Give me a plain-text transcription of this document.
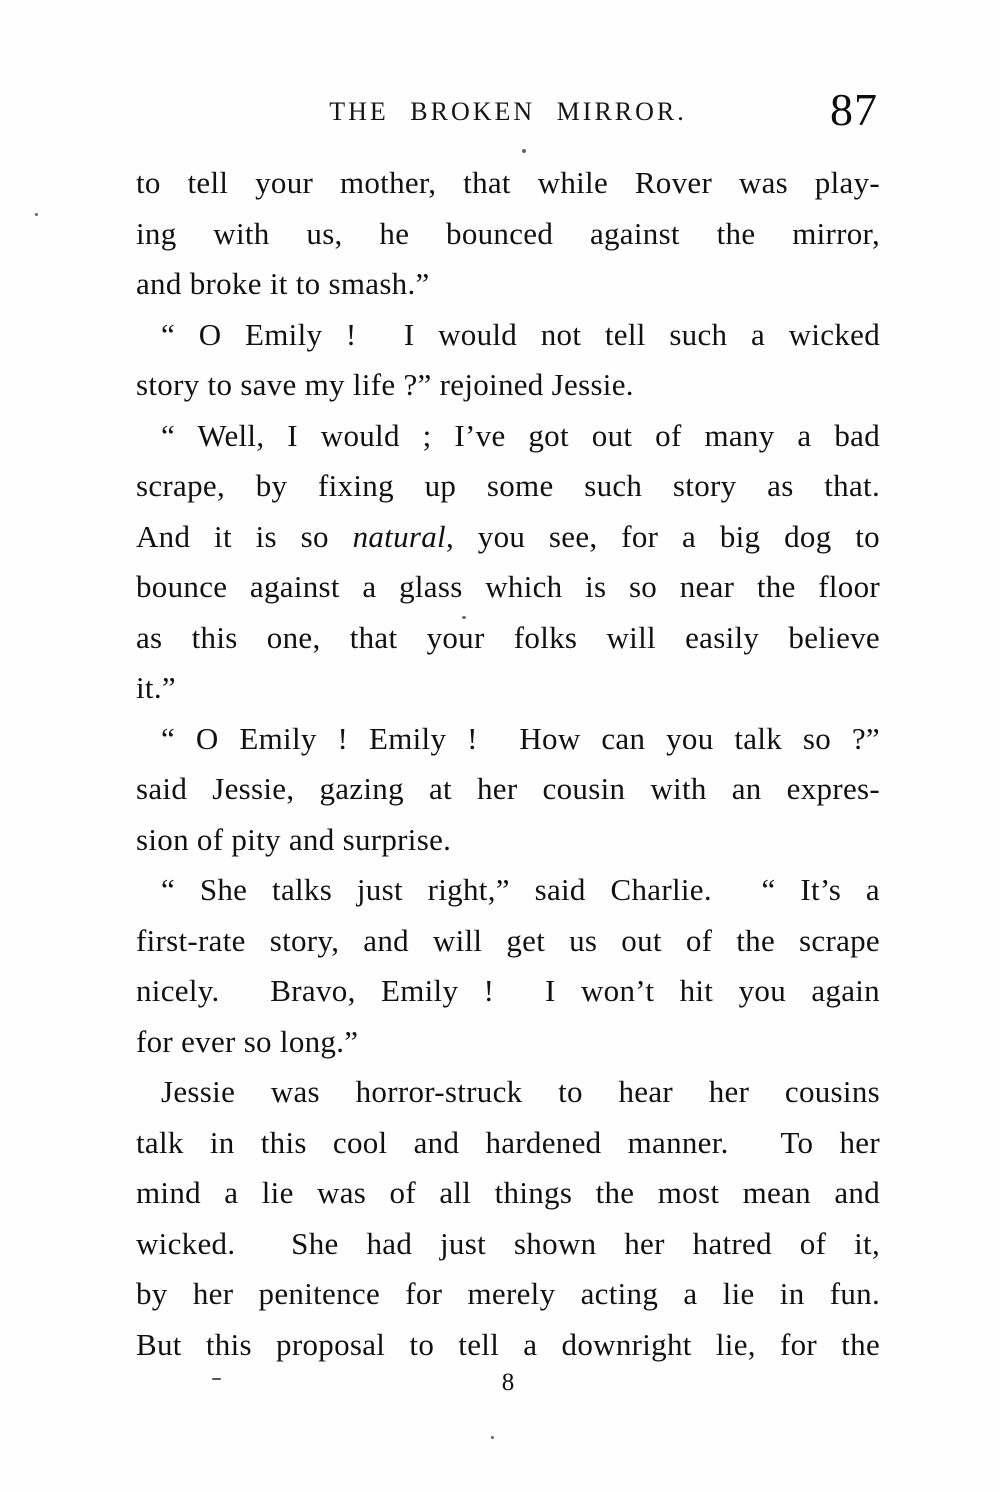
THE BROKEN MIRROR.	87
to tell your mother, that while Rover was play-
ing with us, he bounced against the mirror,
and broke it to smash.”
“ O Emily !  I would not tell such a wicked
story to save my life ?” rejoined Jessie.
“ Well, I would ; I’ve got out of many a bad
scrape, by fixing up some such story as that.
And it is so natural, you see, for a big dog to
bounce against a glass which is so near the floor
as this one, that your folks will easily believe
it.”
“ O Emily ! Emily !  How can you talk so ?”
said Jessie, gazing at her cousin with an expres-
sion of pity and surprise.
“ She talks just right,” said Charlie.  “ It’s a
first-rate story, and will get us out of the scrape
nicely.  Bravo, Emily !  I won’t hit you again
for ever so long.”
Jessie was horror-struck to hear her cousins
talk in this cool and hardened manner.  To her
mind a lie was of all things the most mean and
wicked.  She had just shown her hatred of it,
by her penitence for merely acting a lie in fun.
But this proposal to tell a downright lie, for the
8
